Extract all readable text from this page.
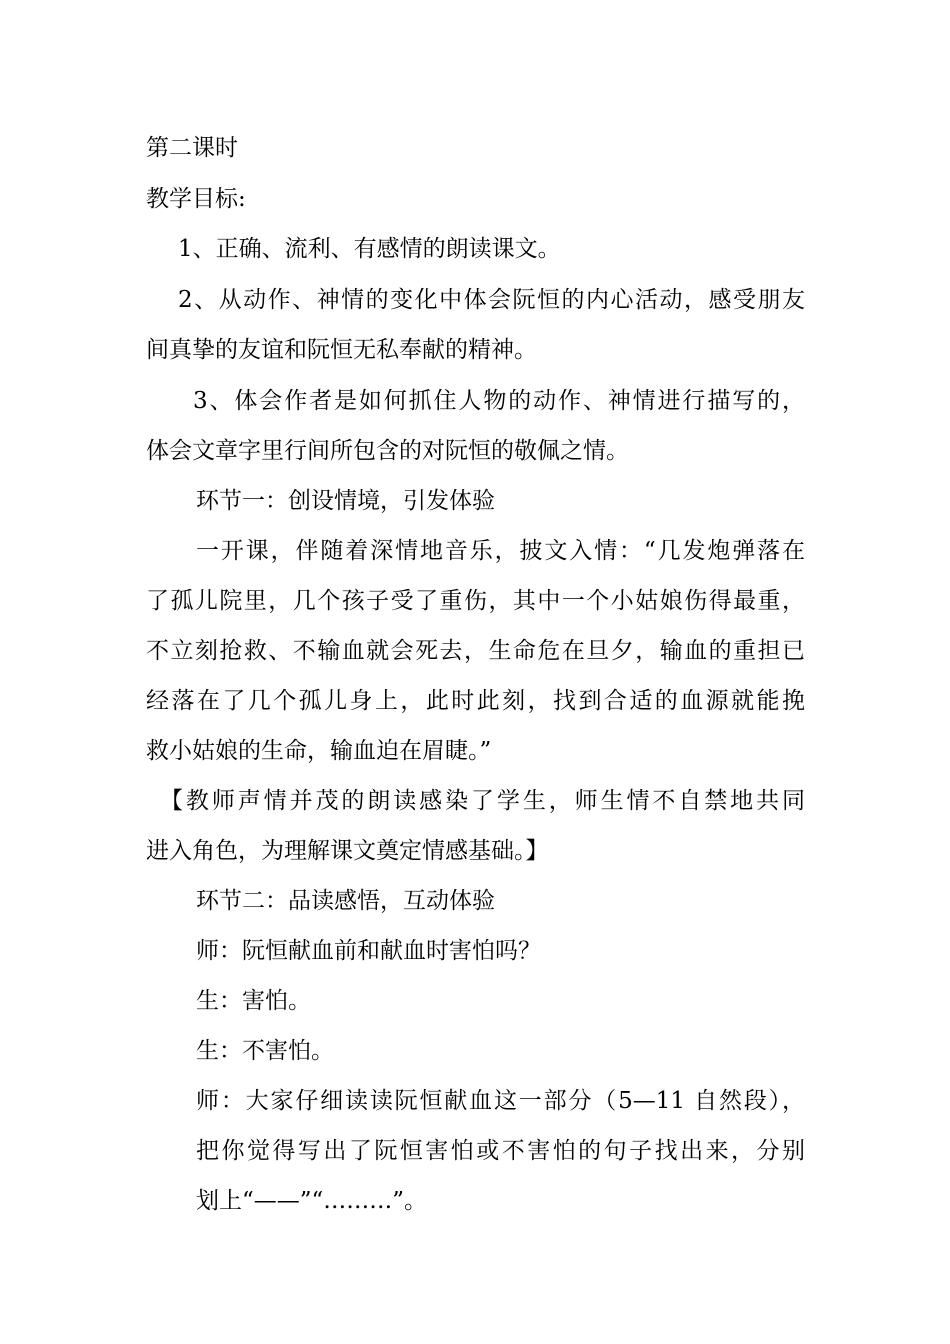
第二课时
教学目标:
1、正确、流利、有感情的朗读课文。
2、从动作、神情的变化中体会阮恒的内心活动，感受朋友
间真挚的友谊和阮恒无私奉献的精神。
3、体会作者是如何抓住人物的动作、神情进行描写的，
体会文章字里行间所包含的对阮恒的敬佩之情。
环节一：创设情境，引发体验
一开课，伴随着深情地音乐，披文入情：“几发炮弹落在
了孤儿院里，几个孩子受了重伤，其中一个小姑娘伤得最重，
不立刻抢救、不输血就会死去，生命危在旦夕，输血的重担已
经落在了几个孤儿身上，此时此刻，找到合适的血源就能挽
救小姑娘的生命，输血迫在眉睫。”
【教师声情并茂的朗读感染了学生，师生情不自禁地共同
进入角色，为理解课文奠定情感基础。】
环节二：品读感悟，互动体验
师：阮恒献血前和献血时害怕吗？
生：害怕。
生：不害怕。
师：大家仔细读读阮恒献血这一部分（5—11 自然段），
把你觉得写出了阮恒害怕或不害怕的句子找出来，分别
划上“——”“………”。
